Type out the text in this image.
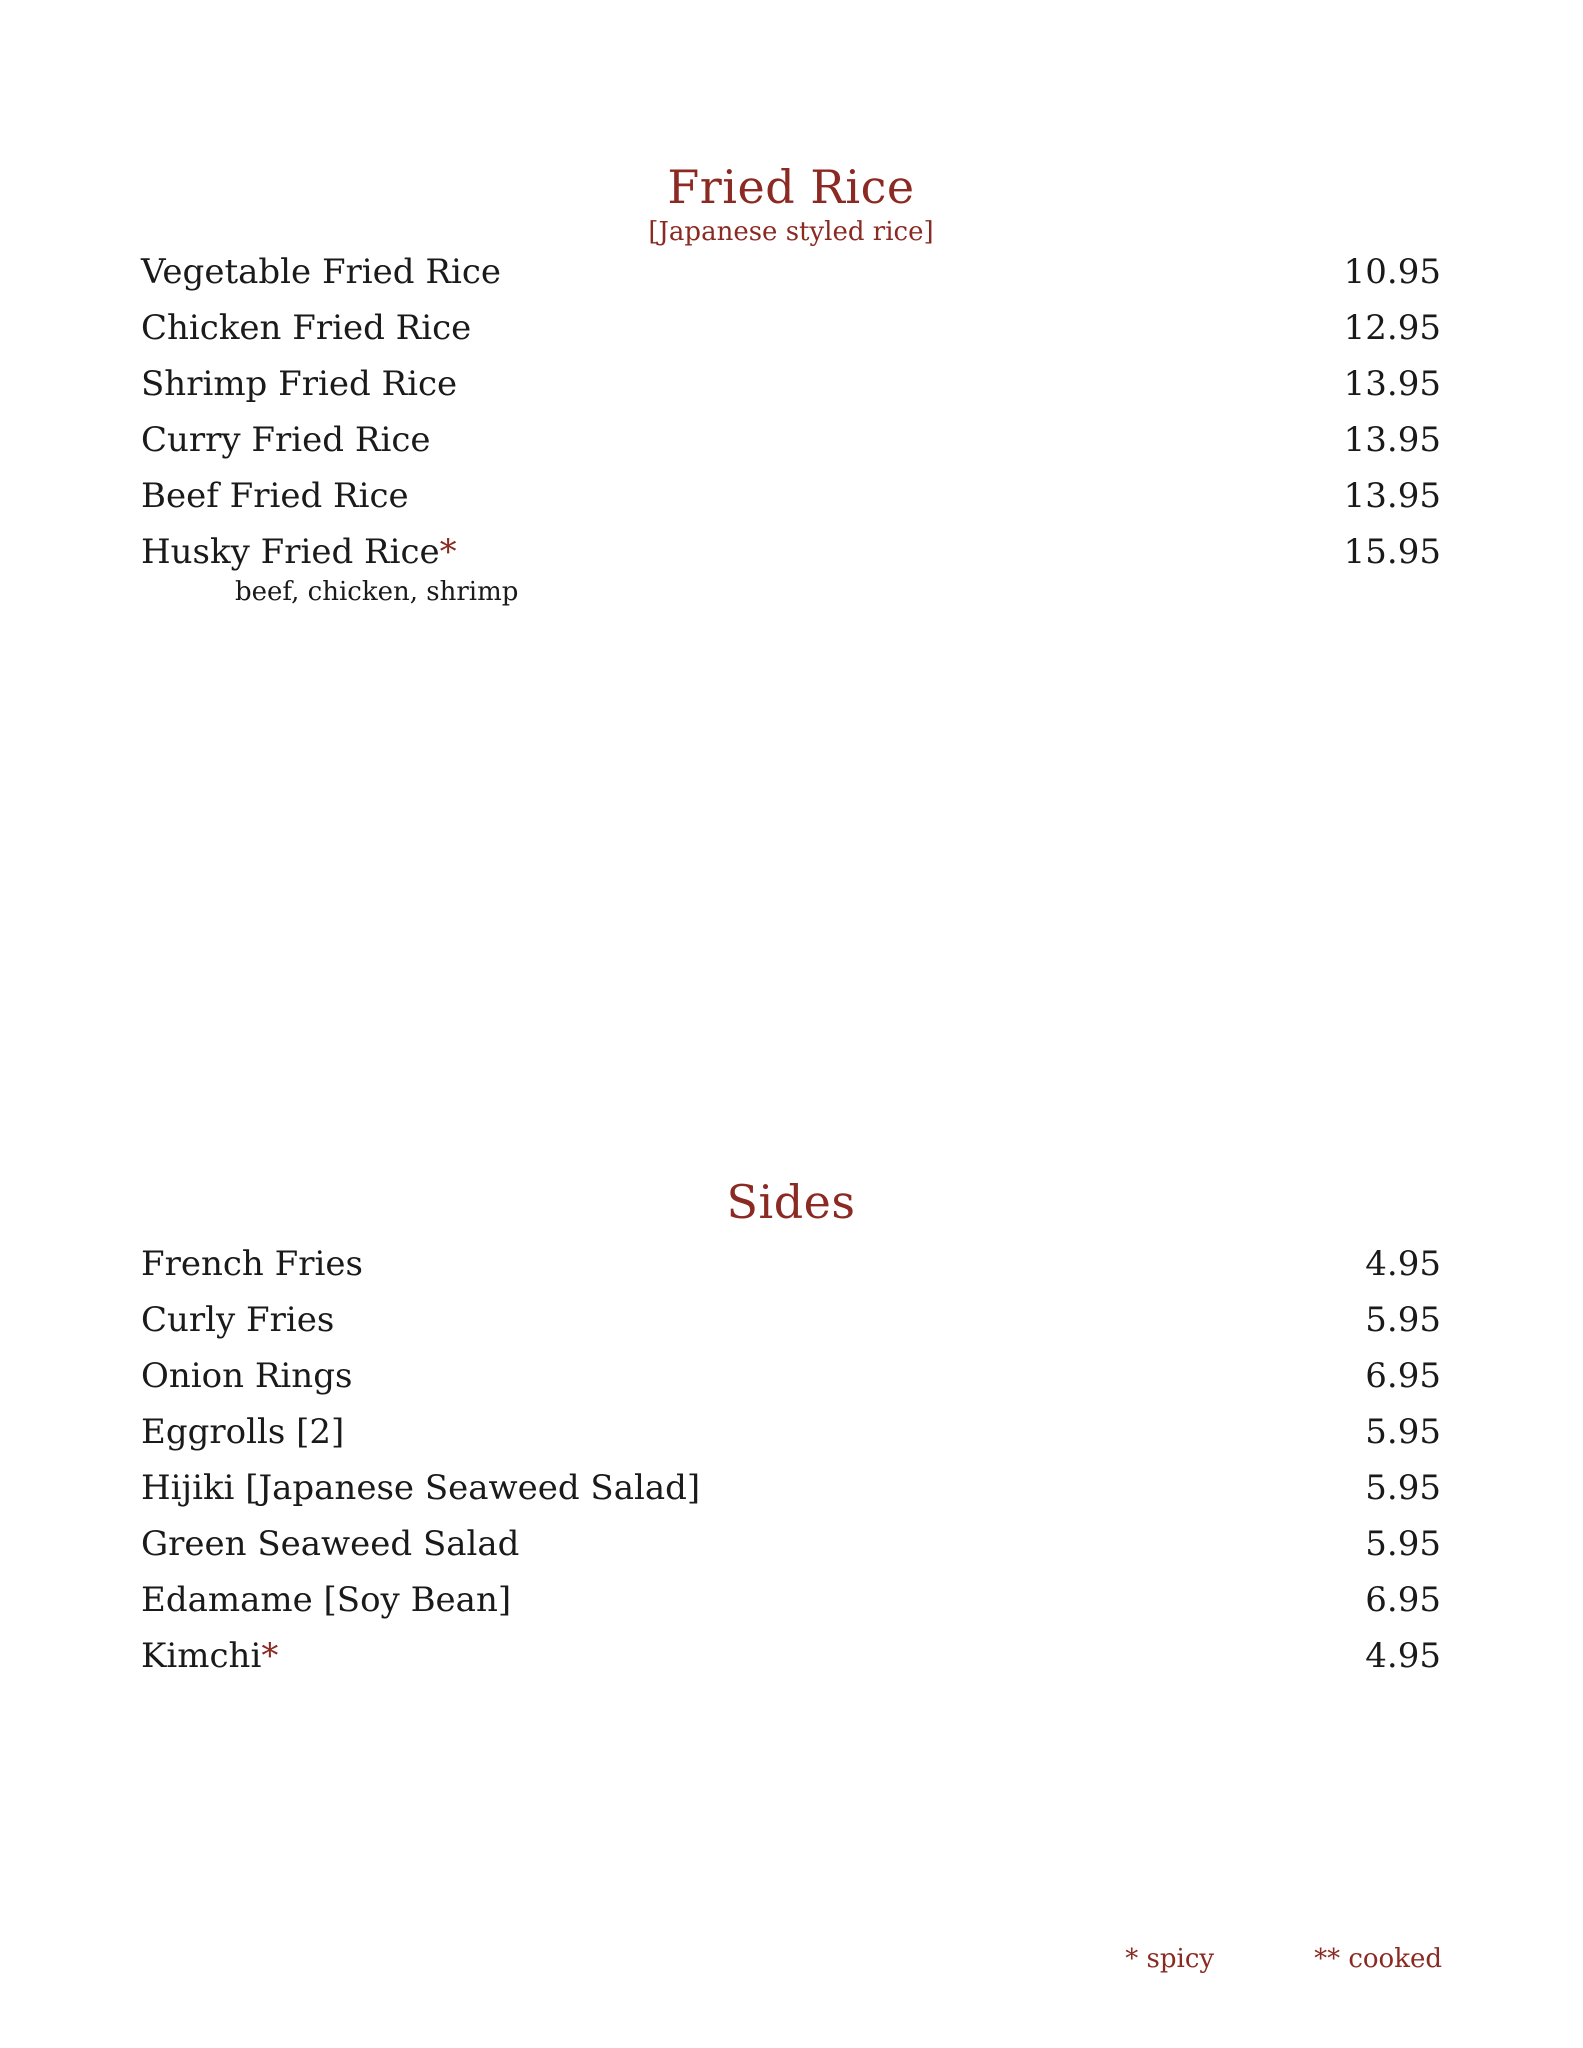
Fried Rice
[Japanese styled rice]
Vegetable Fried Rice	10.95
Chicken Fried Rice	12.95
Shrimp Fried Rice	13.95
Curry Fried Rice	13.95
Beef Fried Rice	13.95
Husky Fried Rice*	15.95
beef, chicken, shrimp
Sides
French Fries	4.95
Curly Fries	5.95
Onion Rings	6.95
Eggrolls [2]	5.95
Hijiki [Japanese Seaweed Salad]	5.95
Green Seaweed Salad	5.95
Edamame [Soy Bean]	6.95
Kimchi*	4.95
* spicy	** cooked
